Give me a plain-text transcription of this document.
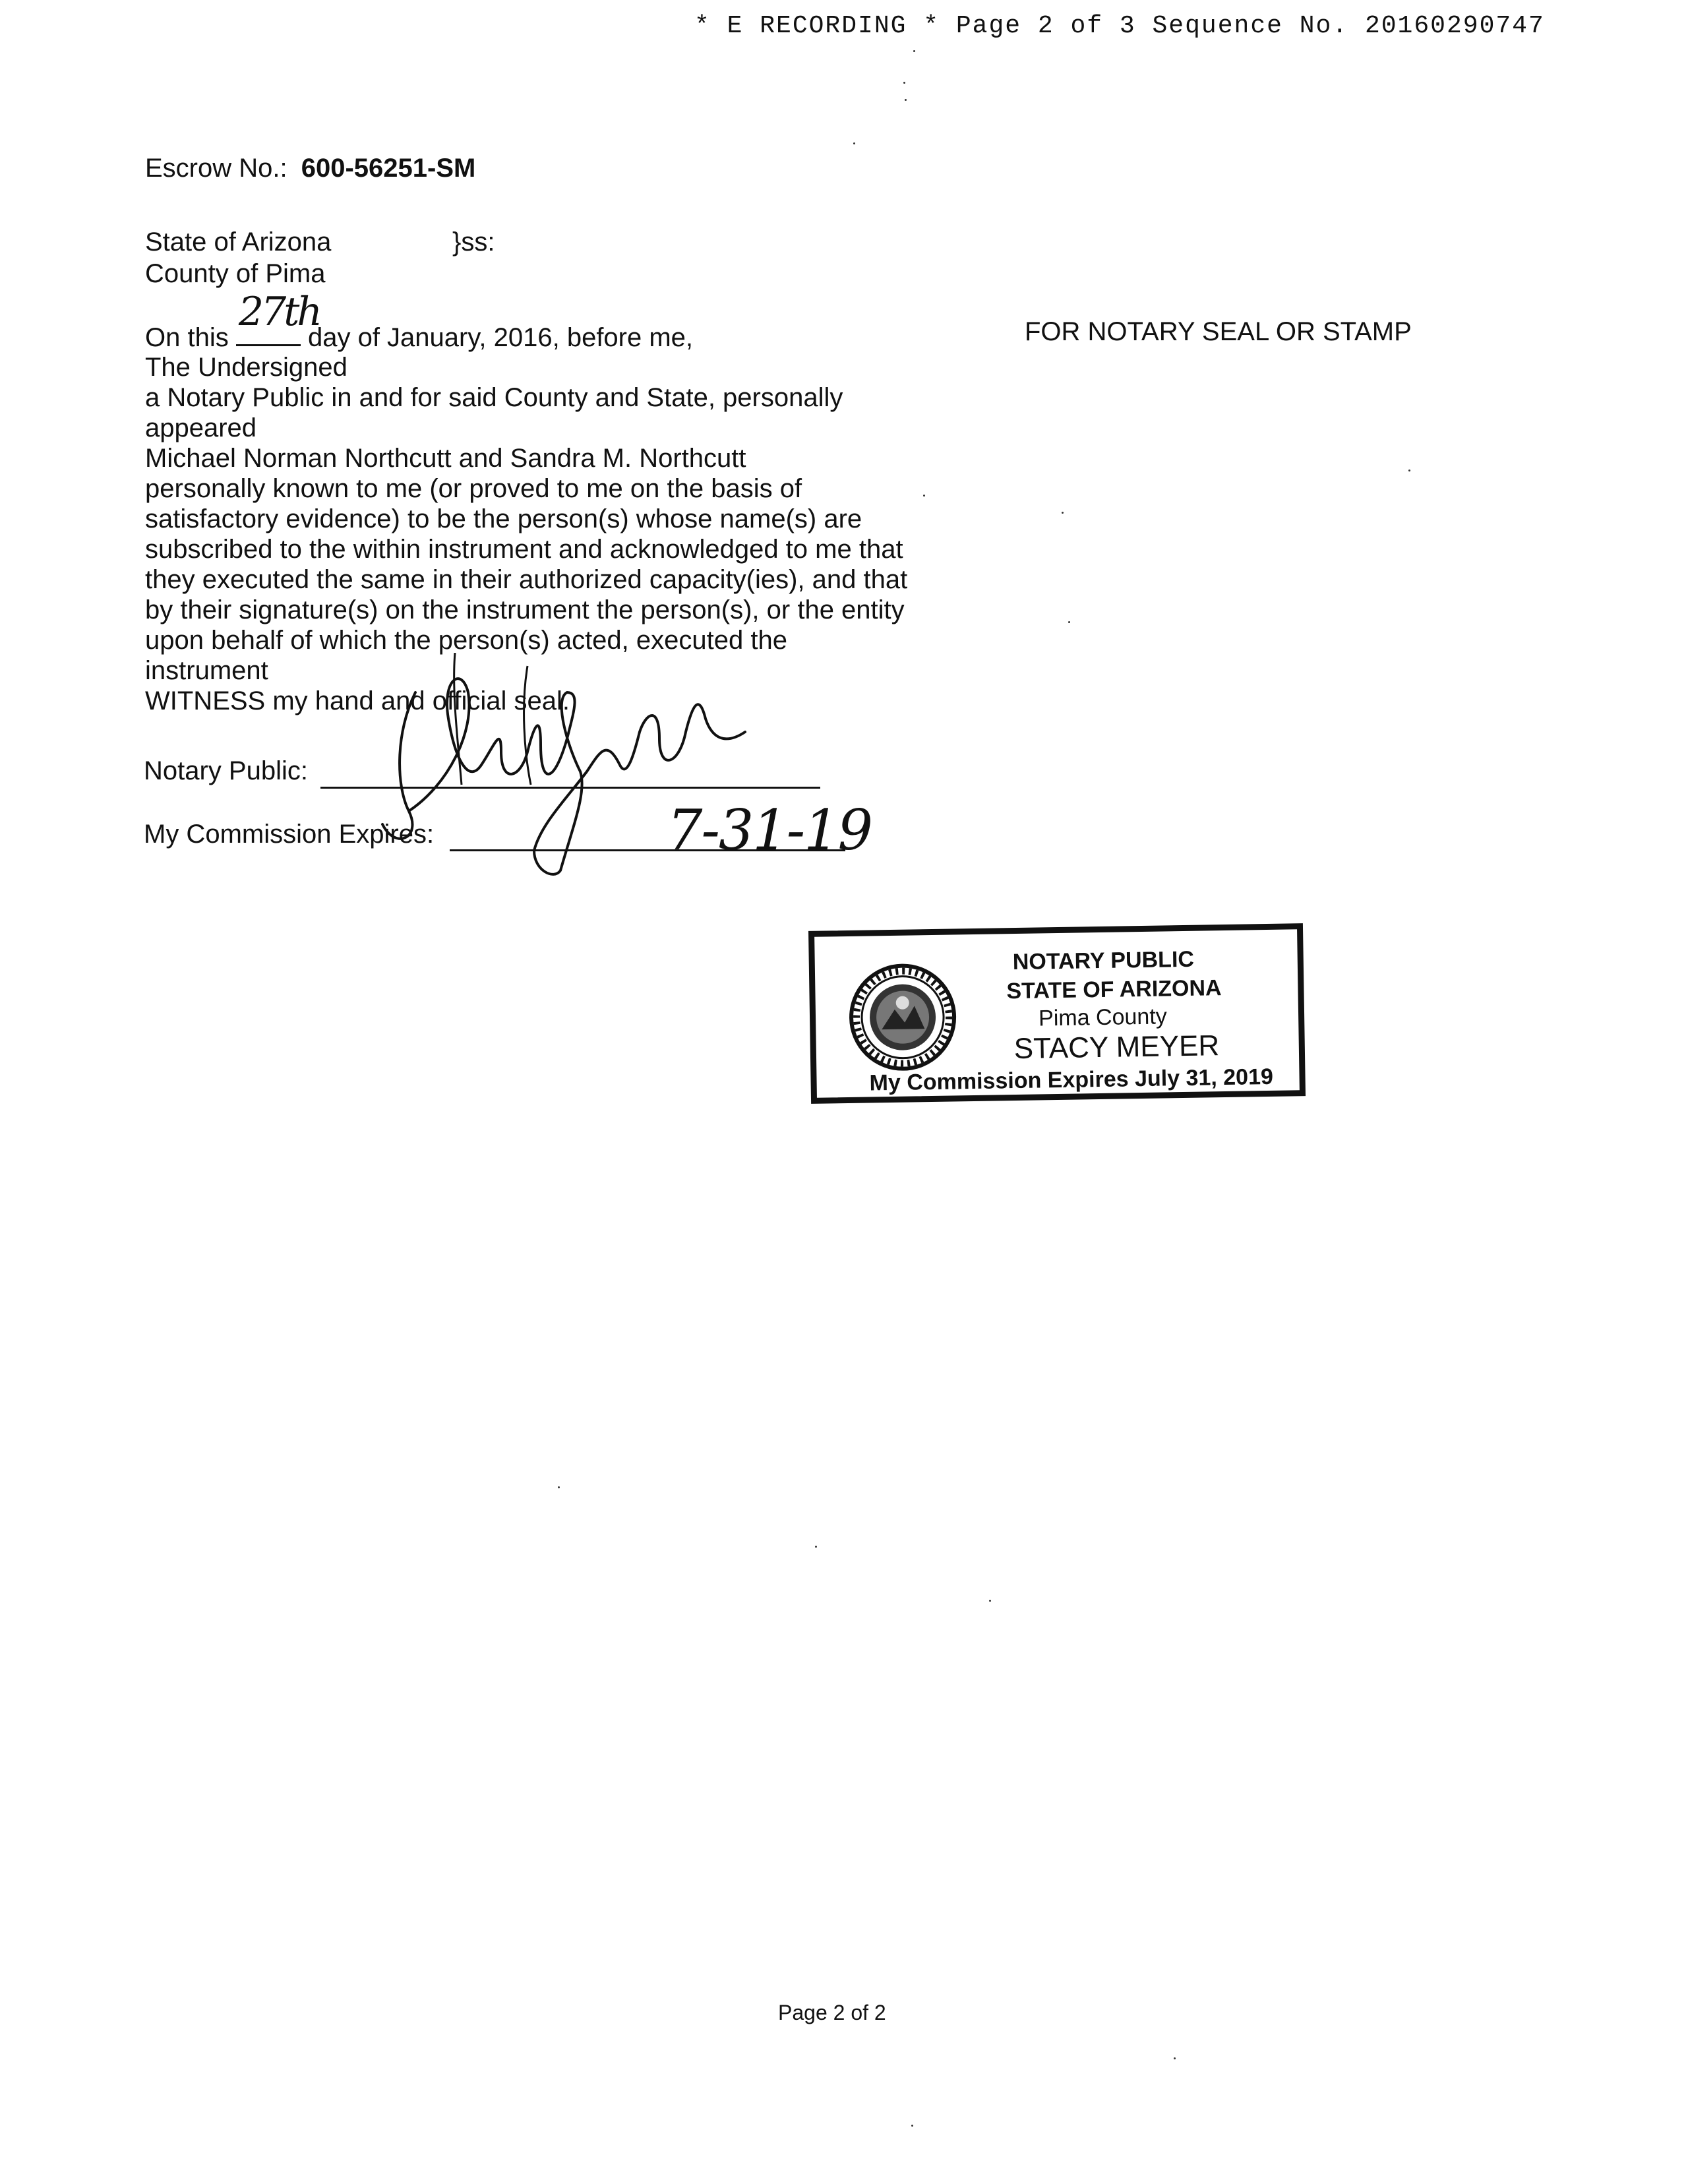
* E RECORDING * Page 2 of 3 Sequence No. 20160290747
Escrow No.: 600-56251-SM
State of Arizona	}ss:
County of Pima
On this
27th
day of January, 2016, before me,	FOR NOTARY SEAL OR STAMP
The Undersigned
a Notary Public in and for said County and State, personally
appeared
Michael Norman Northcutt and Sandra M. Northcutt
personally known to me (or proved to me on the basis of
satisfactory evidence) to be the person(s) whose name(s) are
subscribed to the within instrument and acknowledged to me that
they executed the same in their authorized capacity(ies), and that
by their signature(s) on the instrument the person(s), or the entity
upon behalf of which the person(s) acted, executed the
instrument
WITNESS my hand and official seal.
Notary Public:
My Commission Expires:	7-31-19
NOTARY PUBLIC
STATE OF ARIZONA
Pima County
STACY MEYER
My Commission Expires July 31, 2019
Page 2 of 2
